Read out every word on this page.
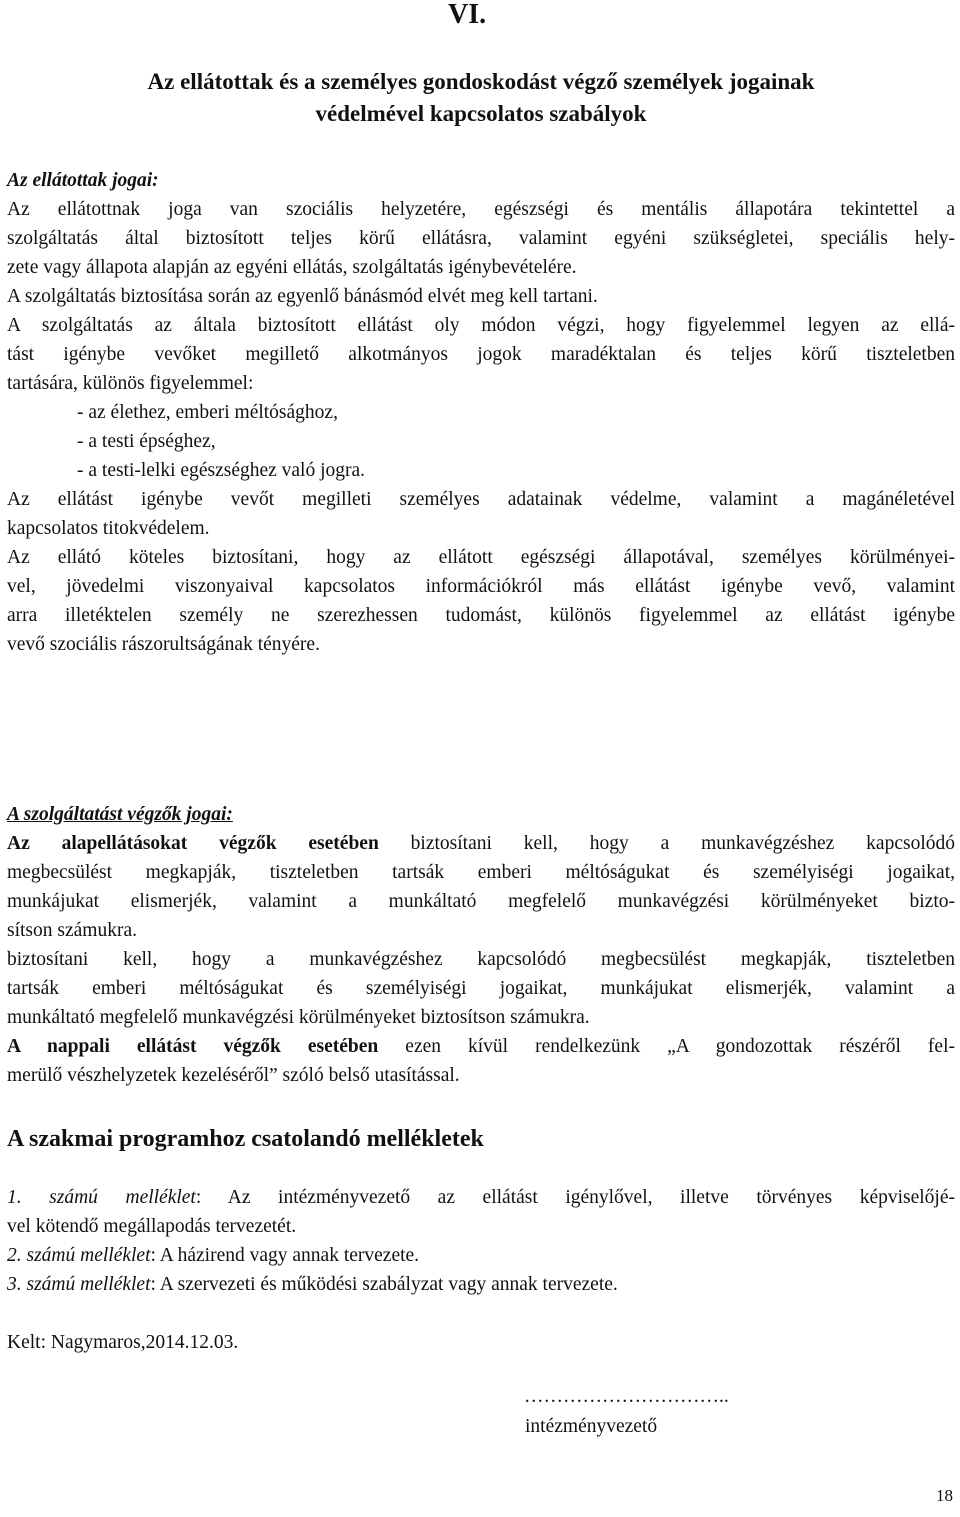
VI.
Az ellátottak és a személyes gondoskodást végző személyek jogainak
védelmével kapcsolatos szabályok
Az ellátottak jogai:
Az ellátottnak joga van szociális helyzetére, egészségi és mentális állapotára tekintettel a
szolgáltatás által biztosított teljes körű ellátásra, valamint egyéni szükségletei, speciális hely-
zete vagy állapota alapján az egyéni ellátás, szolgáltatás igénybevételére.
A szolgáltatás biztosítása során az egyenlő bánásmód elvét meg kell tartani.
A szolgáltatás az általa biztosított ellátást oly módon végzi, hogy figyelemmel legyen az ellá-
tást igénybe vevőket megillető alkotmányos jogok maradéktalan és teljes körű tiszteletben
tartására, különös figyelemmel:
- az élethez, emberi méltósághoz,
- a testi épséghez,
- a testi-lelki egészséghez való jogra.
Az ellátást igénybe vevőt megilleti személyes adatainak védelme, valamint a magánéletével
kapcsolatos titokvédelem.
Az ellátó köteles biztosítani, hogy az ellátott egészségi állapotával, személyes körülményei-
vel, jövedelmi viszonyaival kapcsolatos információkról más ellátást igénybe vevő, valamint
arra illetéktelen személy ne szerezhessen tudomást, különös figyelemmel az ellátást igénybe
vevő szociális rászorultságának tényére.
A szolgáltatást végzők jogai:
Az alapellátásokat végzők esetében biztosítani kell, hogy a munkavégzéshez kapcsolódó
megbecsülést megkapják, tiszteletben tartsák emberi méltóságukat és személyiségi jogaikat,
munkájukat elismerjék, valamint a munkáltató megfelelő munkavégzési körülményeket bizto-
sítson számukra.
biztosítani kell, hogy a munkavégzéshez kapcsolódó megbecsülést megkapják, tiszteletben
tartsák emberi méltóságukat és személyiségi jogaikat, munkájukat elismerjék, valamint a
munkáltató megfelelő munkavégzési körülményeket biztosítson számukra.
A nappali ellátást végzők esetében ezen kívül rendelkezünk „A gondozottak részéről fel-
merülő vészhelyzetek kezeléséről” szóló belső utasítással.
A szakmai programhoz csatolandó mellékletek
1. számú melléklet: Az intézményvezető az ellátást igénylővel, illetve törvényes képviselőjé-
vel kötendő megállapodás tervezetét.
2. számú melléklet: A házirend vagy annak tervezete.
3. számú melléklet: A szervezeti és működési szabályzat vagy annak tervezete.
Kelt: Nagymaros,2014.12.03.
…………………………..
intézményvezető
18
